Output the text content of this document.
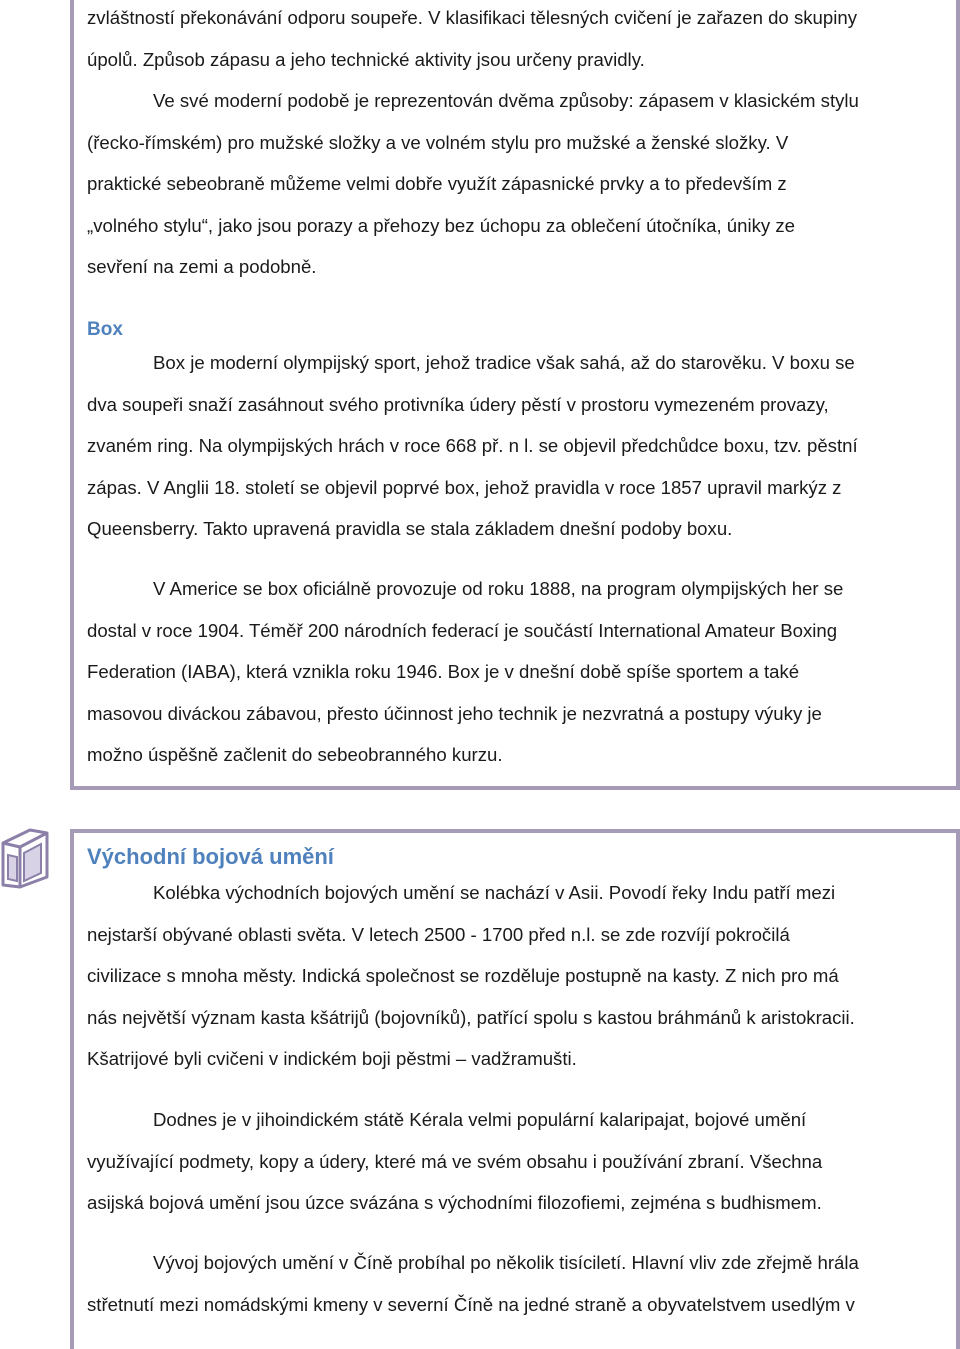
zvláštností překonávání odporu soupeře. V klasifikaci tělesných cvičení je zařazen do skupiny
úpolů. Způsob zápasu a jeho technické aktivity jsou určeny pravidly.
Ve své moderní podobě je reprezentován dvěma způsoby: zápasem v klasickém stylu
(řecko-římském) pro mužské složky a ve volném stylu pro mužské a ženské složky. V
praktické sebeobraně můžeme velmi dobře využít zápasnické prvky a to především z
„volného stylu“, jako jsou porazy a přehozy bez úchopu za oblečení útočníka, úniky ze
sevření na zemi a podobně.
Box
Box je moderní olympijský sport, jehož tradice však sahá, až do starověku. V boxu se
dva soupeři snaží zasáhnout svého protivníka údery pěstí v prostoru vymezeném provazy,
zvaném ring. Na olympijských hrách v roce 668 př. n l. se objevil předchůdce boxu, tzv. pěstní
zápas. V Anglii 18. století se objevil poprvé box, jehož pravidla v roce 1857 upravil markýz z
Queensberry. Takto upravená pravidla se stala základem dnešní podoby boxu.
V Americe se box oficiálně provozuje od roku 1888, na program olympijských her se
dostal v roce 1904. Téměř 200 národních federací je součástí International Amateur Boxing
Federation (IABA), která vznikla roku 1946. Box je v dnešní době spíše sportem a také
masovou diváckou zábavou, přesto účinnost jeho technik je nezvratná a postupy výuky je
možno úspěšně začlenit do sebeobranného kurzu.
Východní bojová umění
Kolébka východních bojových umění se nachází v Asii. Povodí řeky Indu patří mezi
nejstarší obývané oblasti světa. V letech 2500 - 1700 před n.l. se zde rozvíjí pokročilá
civilizace s mnoha městy. Indická společnost se rozděluje postupně na kasty. Z nich pro má
nás největší význam kasta kšátrijů (bojovníků), patřící spolu s kastou bráhmánů k aristokracii.
Kšatrijové byli cvičeni v indickém boji pěstmi – vadžramušti.
Dodnes je v jihoindickém státě Kérala velmi populární kalaripajat, bojové umění
využívající podmety, kopy a údery, které má ve svém obsahu i používání zbraní. Všechna
asijská bojová umění jsou úzce svázána s východními filozofiemi, zejména s budhismem.
Vývoj bojových umění v Číně probíhal po několik tisíciletí. Hlavní vliv zde zřejmě hrála
střetnutí mezi nomádskými kmeny v severní Číně na jedné straně a obyvatelstvem usedlým v
